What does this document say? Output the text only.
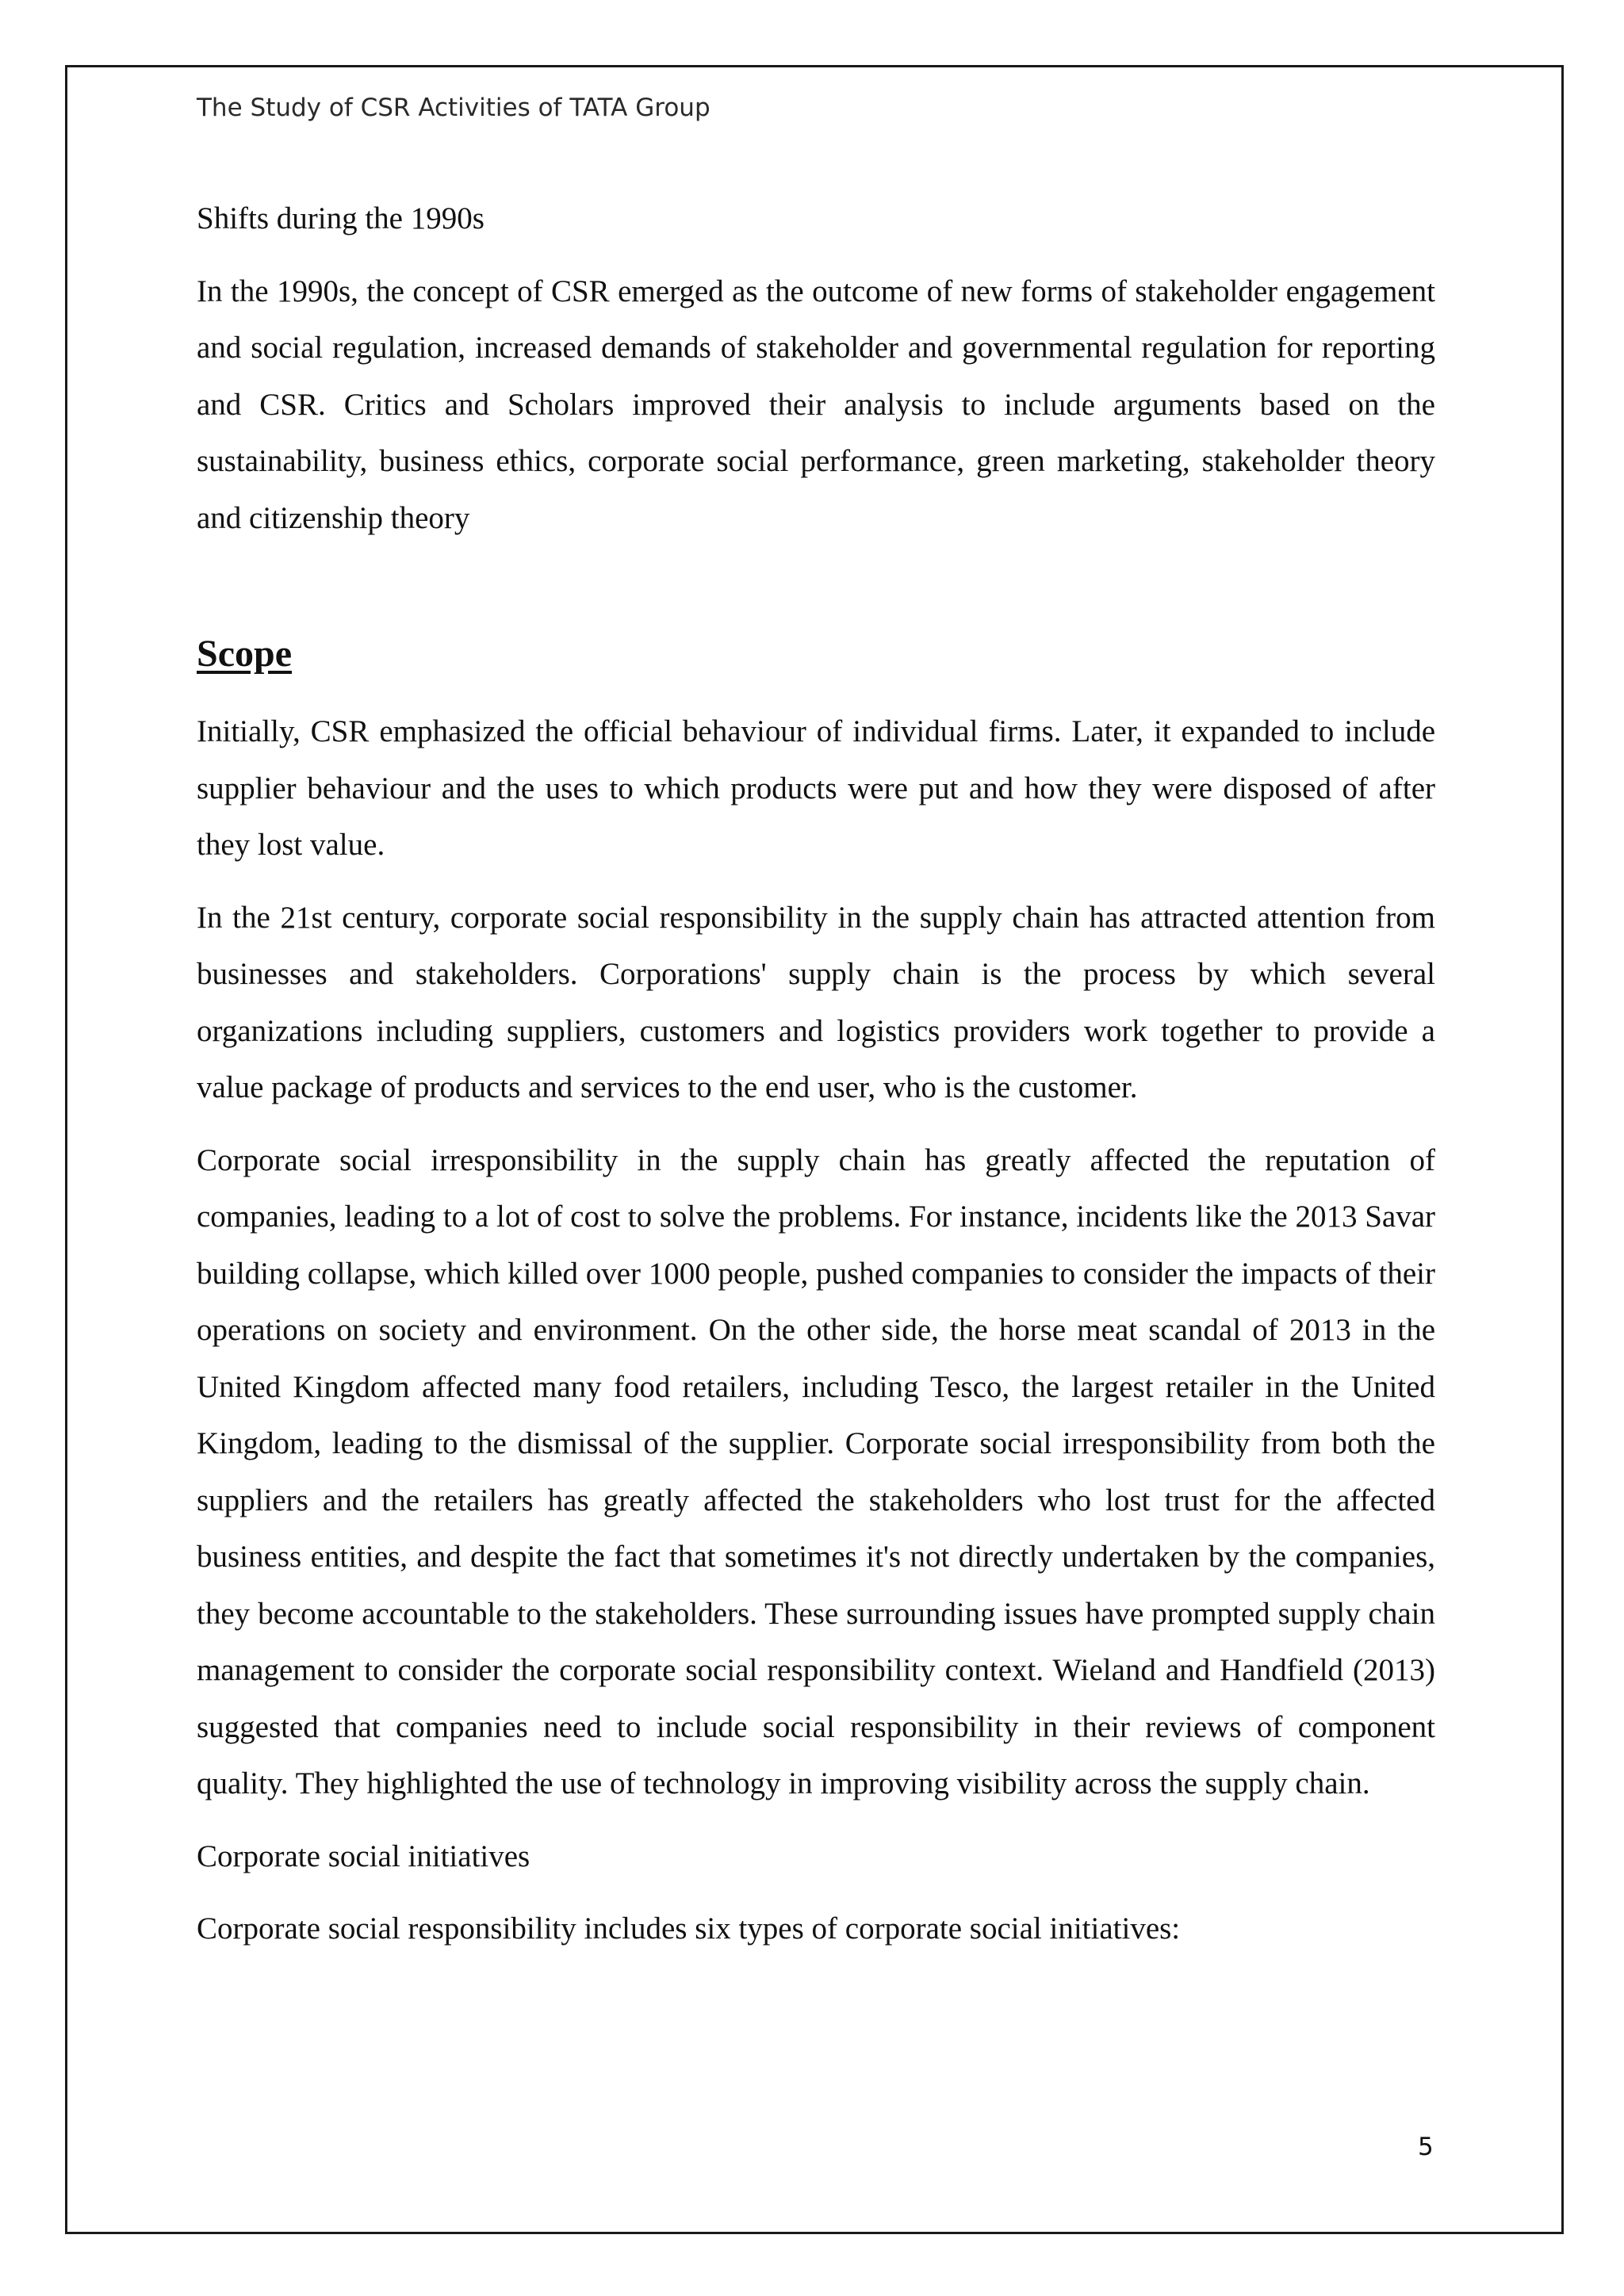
The Study of CSR Activities of TATA Group

Shifts during the 1990s

In the 1990s, the concept of CSR emerged as the outcome of new forms of stakeholder engagement and social regulation, increased demands of stakeholder and governmental regulation for reporting and CSR. Critics and Scholars improved their analysis to include arguments based on the sustainability, business ethics, corporate social performance, green marketing, stakeholder theory and citizenship theory

Scope

Initially, CSR emphasized the official behaviour of individual firms. Later, it expanded to include supplier behaviour and the uses to which products were put and how they were disposed of after they lost value.

In the 21st century, corporate social responsibility in the supply chain has attracted attention from businesses and stakeholders. Corporations' supply chain is the process by which several organizations including suppliers, customers and logistics providers work together to provide a value package of products and services to the end user, who is the customer.

Corporate social irresponsibility in the supply chain has greatly affected the reputation of companies, leading to a lot of cost to solve the problems. For instance, incidents like the 2013 Savar building collapse, which killed over 1000 people, pushed companies to consider the impacts of their operations on society and environment. On the other side, the horse meat scandal of 2013 in the United Kingdom affected many food retailers, including Tesco, the largest retailer in the United Kingdom, leading to the dismissal of the supplier. Corporate social irresponsibility from both the suppliers and the retailers has greatly affected the stakeholders who lost trust for the affected business entities, and despite the fact that sometimes it's not directly undertaken by the companies, they become accountable to the stakeholders. These surrounding issues have prompted supply chain management to consider the corporate social responsibility context. Wieland and Handfield (2013) suggested that companies need to include social responsibility in their reviews of component quality. They highlighted the use of technology in improving visibility across the supply chain.

Corporate social initiatives

Corporate social responsibility includes six types of corporate social initiatives:

5
